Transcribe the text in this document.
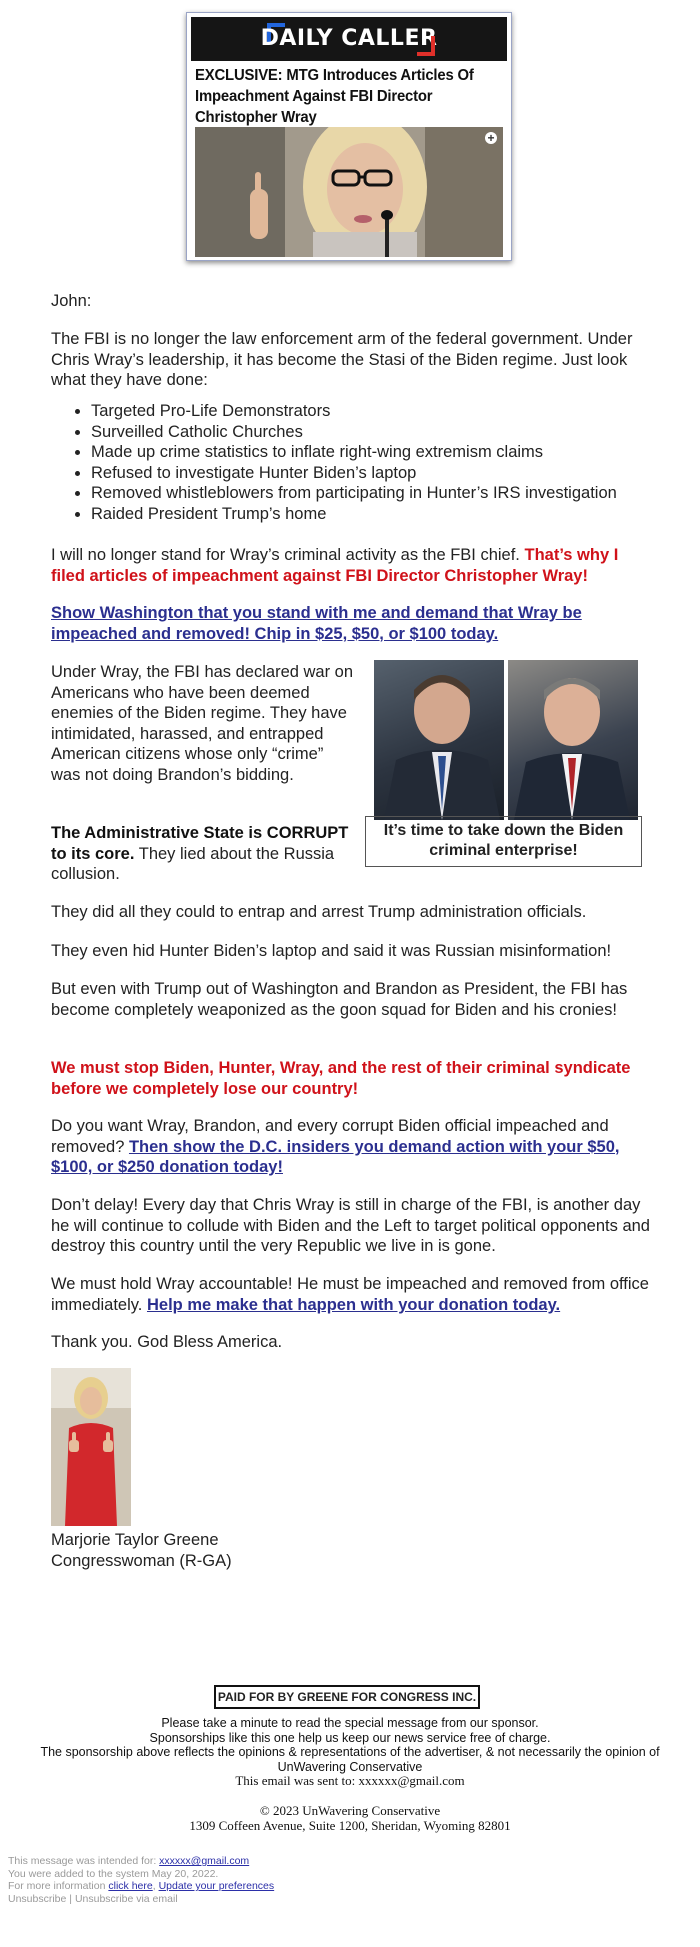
DAILY CALLER
EXCLUSIVE: MTG Introduces Articles Of Impeachment Against FBI Director Christopher Wray
+
John:
The FBI is no longer the law enforcement arm of the federal government. Under Chris Wray’s leadership, it has become the Stasi of the Biden regime. Just look what they have done:
• Targeted Pro-Life Demonstrators
• Surveilled Catholic Churches
• Made up crime statistics to inflate right-wing extremism claims
• Refused to investigate Hunter Biden’s laptop
• Removed whistleblowers from participating in Hunter’s IRS investigation
• Raided President Trump’s home
I will no longer stand for Wray’s criminal activity as the FBI chief. That’s why I filed articles of impeachment against FBI Director Christopher Wray!
Show Washington that you stand with me and demand that Wray be impeached and removed! Chip in $25, $50, or $100 today.
Under Wray, the FBI has declared war on Americans who have been deemed enemies of the Biden regime. They have intimidated, harassed, and entrapped American citizens whose only “crime” was not doing Brandon’s bidding.
It’s time to take down the Biden criminal enterprise!
The Administrative State is CORRUPT to its core. They lied about the Russia collusion.
They did all they could to entrap and arrest Trump administration officials.
They even hid Hunter Biden’s laptop and said it was Russian misinformation!
But even with Trump out of Washington and Brandon as President, the FBI has become completely weaponized as the goon squad for Biden and his cronies!
We must stop Biden, Hunter, Wray, and the rest of their criminal syndicate before we completely lose our country!
Do you want Wray, Brandon, and every corrupt Biden official impeached and removed? Then show the D.C. insiders you demand action with your $50, $100, or $250 donation today!
Don’t delay! Every day that Chris Wray is still in charge of the FBI, is another day he will continue to collude with Biden and the Left to target political opponents and destroy this country until the very Republic we live in is gone.
We must hold Wray accountable! He must be impeached and removed from office immediately. Help me make that happen with your donation today.
Thank you. God Bless America.
Marjorie Taylor Greene
Congresswoman (R-GA)
PAID FOR BY GREENE FOR CONGRESS INC.
Please take a minute to read the special message from our sponsor.
Sponsorships like this one help us keep our news service free of charge.
The sponsorship above reflects the opinions & representations of the advertiser, & not necessarily the opinion of UnWavering Conservative
This email was sent to: xxxxxx@gmail.com
© 2023 UnWavering Conservative
1309 Coffeen Avenue, Suite 1200, Sheridan, Wyoming 82801
This message was intended for: xxxxxx@gmail.com
You were added to the system May 20, 2022.
For more information click here, Update your preferences
Unsubscribe | Unsubscribe via email
